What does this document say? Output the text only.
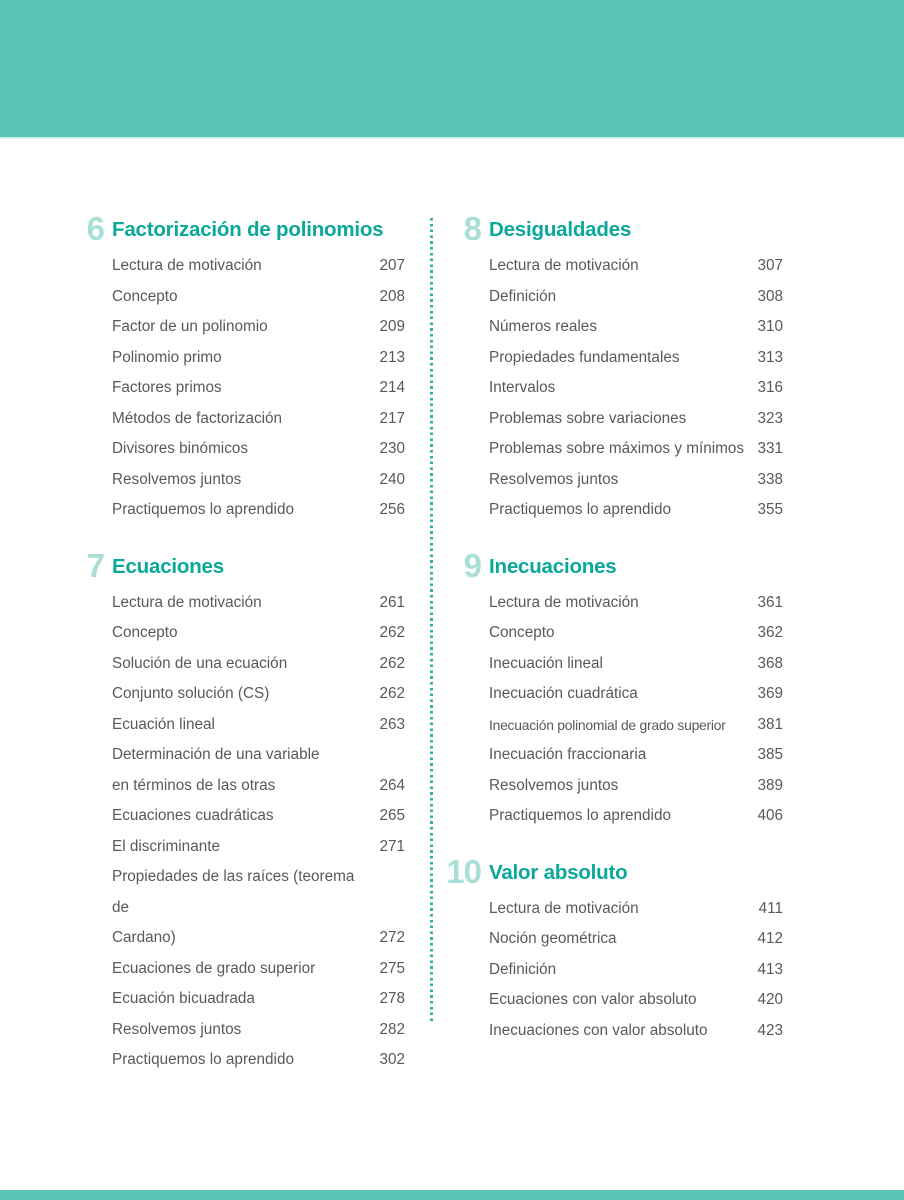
6 Factorización de polinomios
Lectura de motivación	207
Concepto	208
Factor de un polinomio	209
Polinomio primo	213
Factores primos	214
Métodos de factorización	217
Divisores binómicos	230
Resolvemos juntos	240
Practiquemos lo aprendido	256
7 Ecuaciones
Lectura de motivación	261
Concepto	262
Solución de una ecuación	262
Conjunto solución (CS)	262
Ecuación lineal	263
Determinación de una variable
en términos de las otras	264
Ecuaciones cuadráticas	265
El discriminante	271
Propiedades de las raíces (teorema de
Cardano)	272
Ecuaciones de grado superior	275
Ecuación bicuadrada	278
Resolvemos juntos	282
Practiquemos lo aprendido	302
8 Desigualdades
Lectura de motivación	307
Definición	308
Números reales	310
Propiedades fundamentales	313
Intervalos	316
Problemas sobre variaciones	323
Problemas sobre máximos y mínimos 331
Resolvemos juntos	338
Practiquemos lo aprendido	355
9 Inecuaciones
Lectura de motivación	361
Concepto	362
Inecuación lineal	368
Inecuación cuadrática	369
Inecuación polinomial de grado superior 381
Inecuación fraccionaria	385
Resolvemos juntos	389
Practiquemos lo aprendido	406
10 Valor absoluto
Lectura de motivación	411
Noción geométrica	412
Definición	413
Ecuaciones con valor absoluto	420
Inecuaciones con valor absoluto	423
